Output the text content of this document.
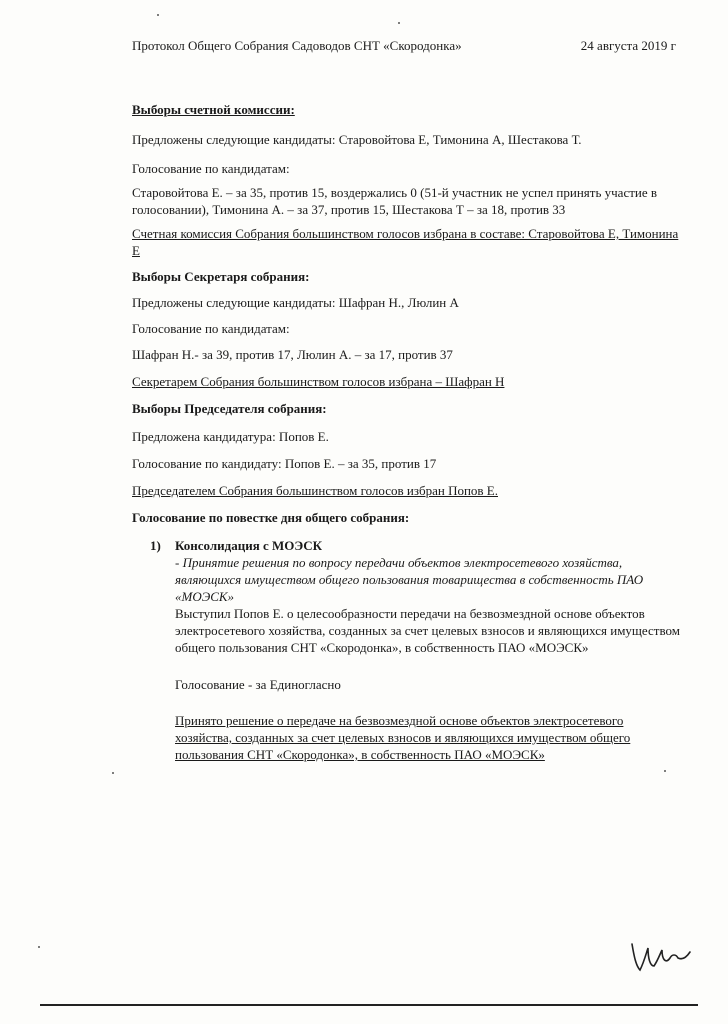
Протокол Общего Собрания Садоводов СНТ «Скородонка»	24 августа 2019 г
Выборы счетной комиссии:
Предложены следующие кандидаты: Старовойтова Е, Тимонина А, Шестакова Т.
Голосование по кандидатам:
Старовойтова Е. – за 35, против 15, воздержались 0 (51-й участник не успел принять участие в
голосовании), Тимонина А. – за 37, против 15, Шестакова Т – за 18, против 33
Счетная комиссия Собрания большинством голосов избрана в составе: Старовойтова Е, Тимонина
Е
Выборы Секретаря собрания:
Предложены следующие кандидаты: Шафран Н., Люлин А
Голосование по кандидатам:
Шафран Н.- за 39, против 17, Люлин А. – за 17, против 37
Секретарем Собрания большинством голосов избрана – Шафран Н
Выборы Председателя собрания:
Предложена кандидатура: Попов Е.
Голосование по кандидату: Попов Е. – за 35, против 17
Председателем Собрания большинством голосов избран Попов Е.
Голосование по повестке дня общего собрания:
1) Консолидация с МОЭСК
- Принятие решения по вопросу передачи объектов электросетевого хозяйства,
являющихся имуществом общего пользования товарищества в собственность ПАО
«МОЭСК»
Выступил Попов Е. о целесообразности передачи на безвозмездной основе объектов
электросетевого хозяйства, созданных за счет целевых взносов и являющихся имуществом
общего пользования СНТ «Скородонка», в собственность ПАО «МОЭСК»
Голосование - за Единогласно
Принято решение о передаче на безвозмездной основе объектов электросетевого
хозяйства, созданных за счет целевых взносов и являющихся имуществом общего
пользования СНТ «Скородонка», в собственность ПАО «МОЭСК»
